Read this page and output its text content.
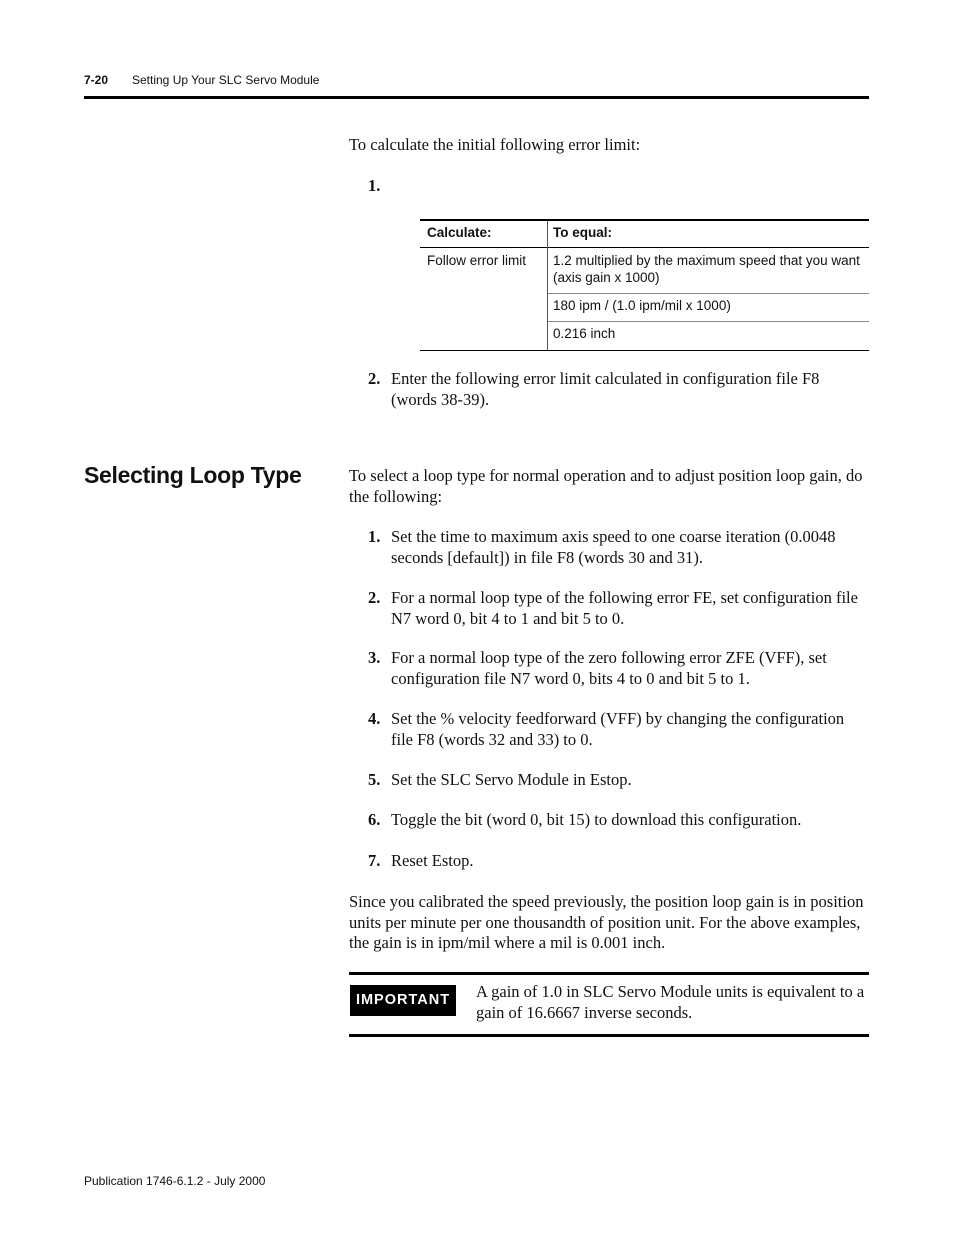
7-20 Setting Up Your SLC Servo Module
To calculate the initial following error limit:
1.
Calculate:	To equal:
Follow error limit 1.2 multiplied by the maximum speed that you want (axis gain x 1000)
180 ipm / (1.0 ipm/mil x 1000)
0.216 inch
2. Enter the following error limit calculated in configuration file F8 (words 38-39).
Selecting Loop Type	To select a loop type for normal operation and to adjust position loop gain, do the following:
1. Set the time to maximum axis speed to one coarse iteration (0.0048 seconds [default]) in file F8 (words 30 and 31).
2. For a normal loop type of the following error FE, set configuration file N7 word 0, bit 4 to 1 and bit 5 to 0.
3. For a normal loop type of the zero following error ZFE (VFF), set configuration file N7 word 0, bits 4 to 0 and bit 5 to 1.
4. Set the % velocity feedforward (VFF) by changing the configuration file F8 (words 32 and 33) to 0.
5. Set the SLC Servo Module in Estop.
6. Toggle the bit (word 0, bit 15) to download this configuration.
7. Reset Estop.
Since you calibrated the speed previously, the position loop gain is in position units per minute per one thousandth of position unit. For the above examples, the gain is in ipm/mil where a mil is 0.001 inch.
IMPORTANT	A gain of 1.0 in SLC Servo Module units is equivalent to a gain of 16.6667 inverse seconds.
Publication 1746-6.1.2 - July 2000
